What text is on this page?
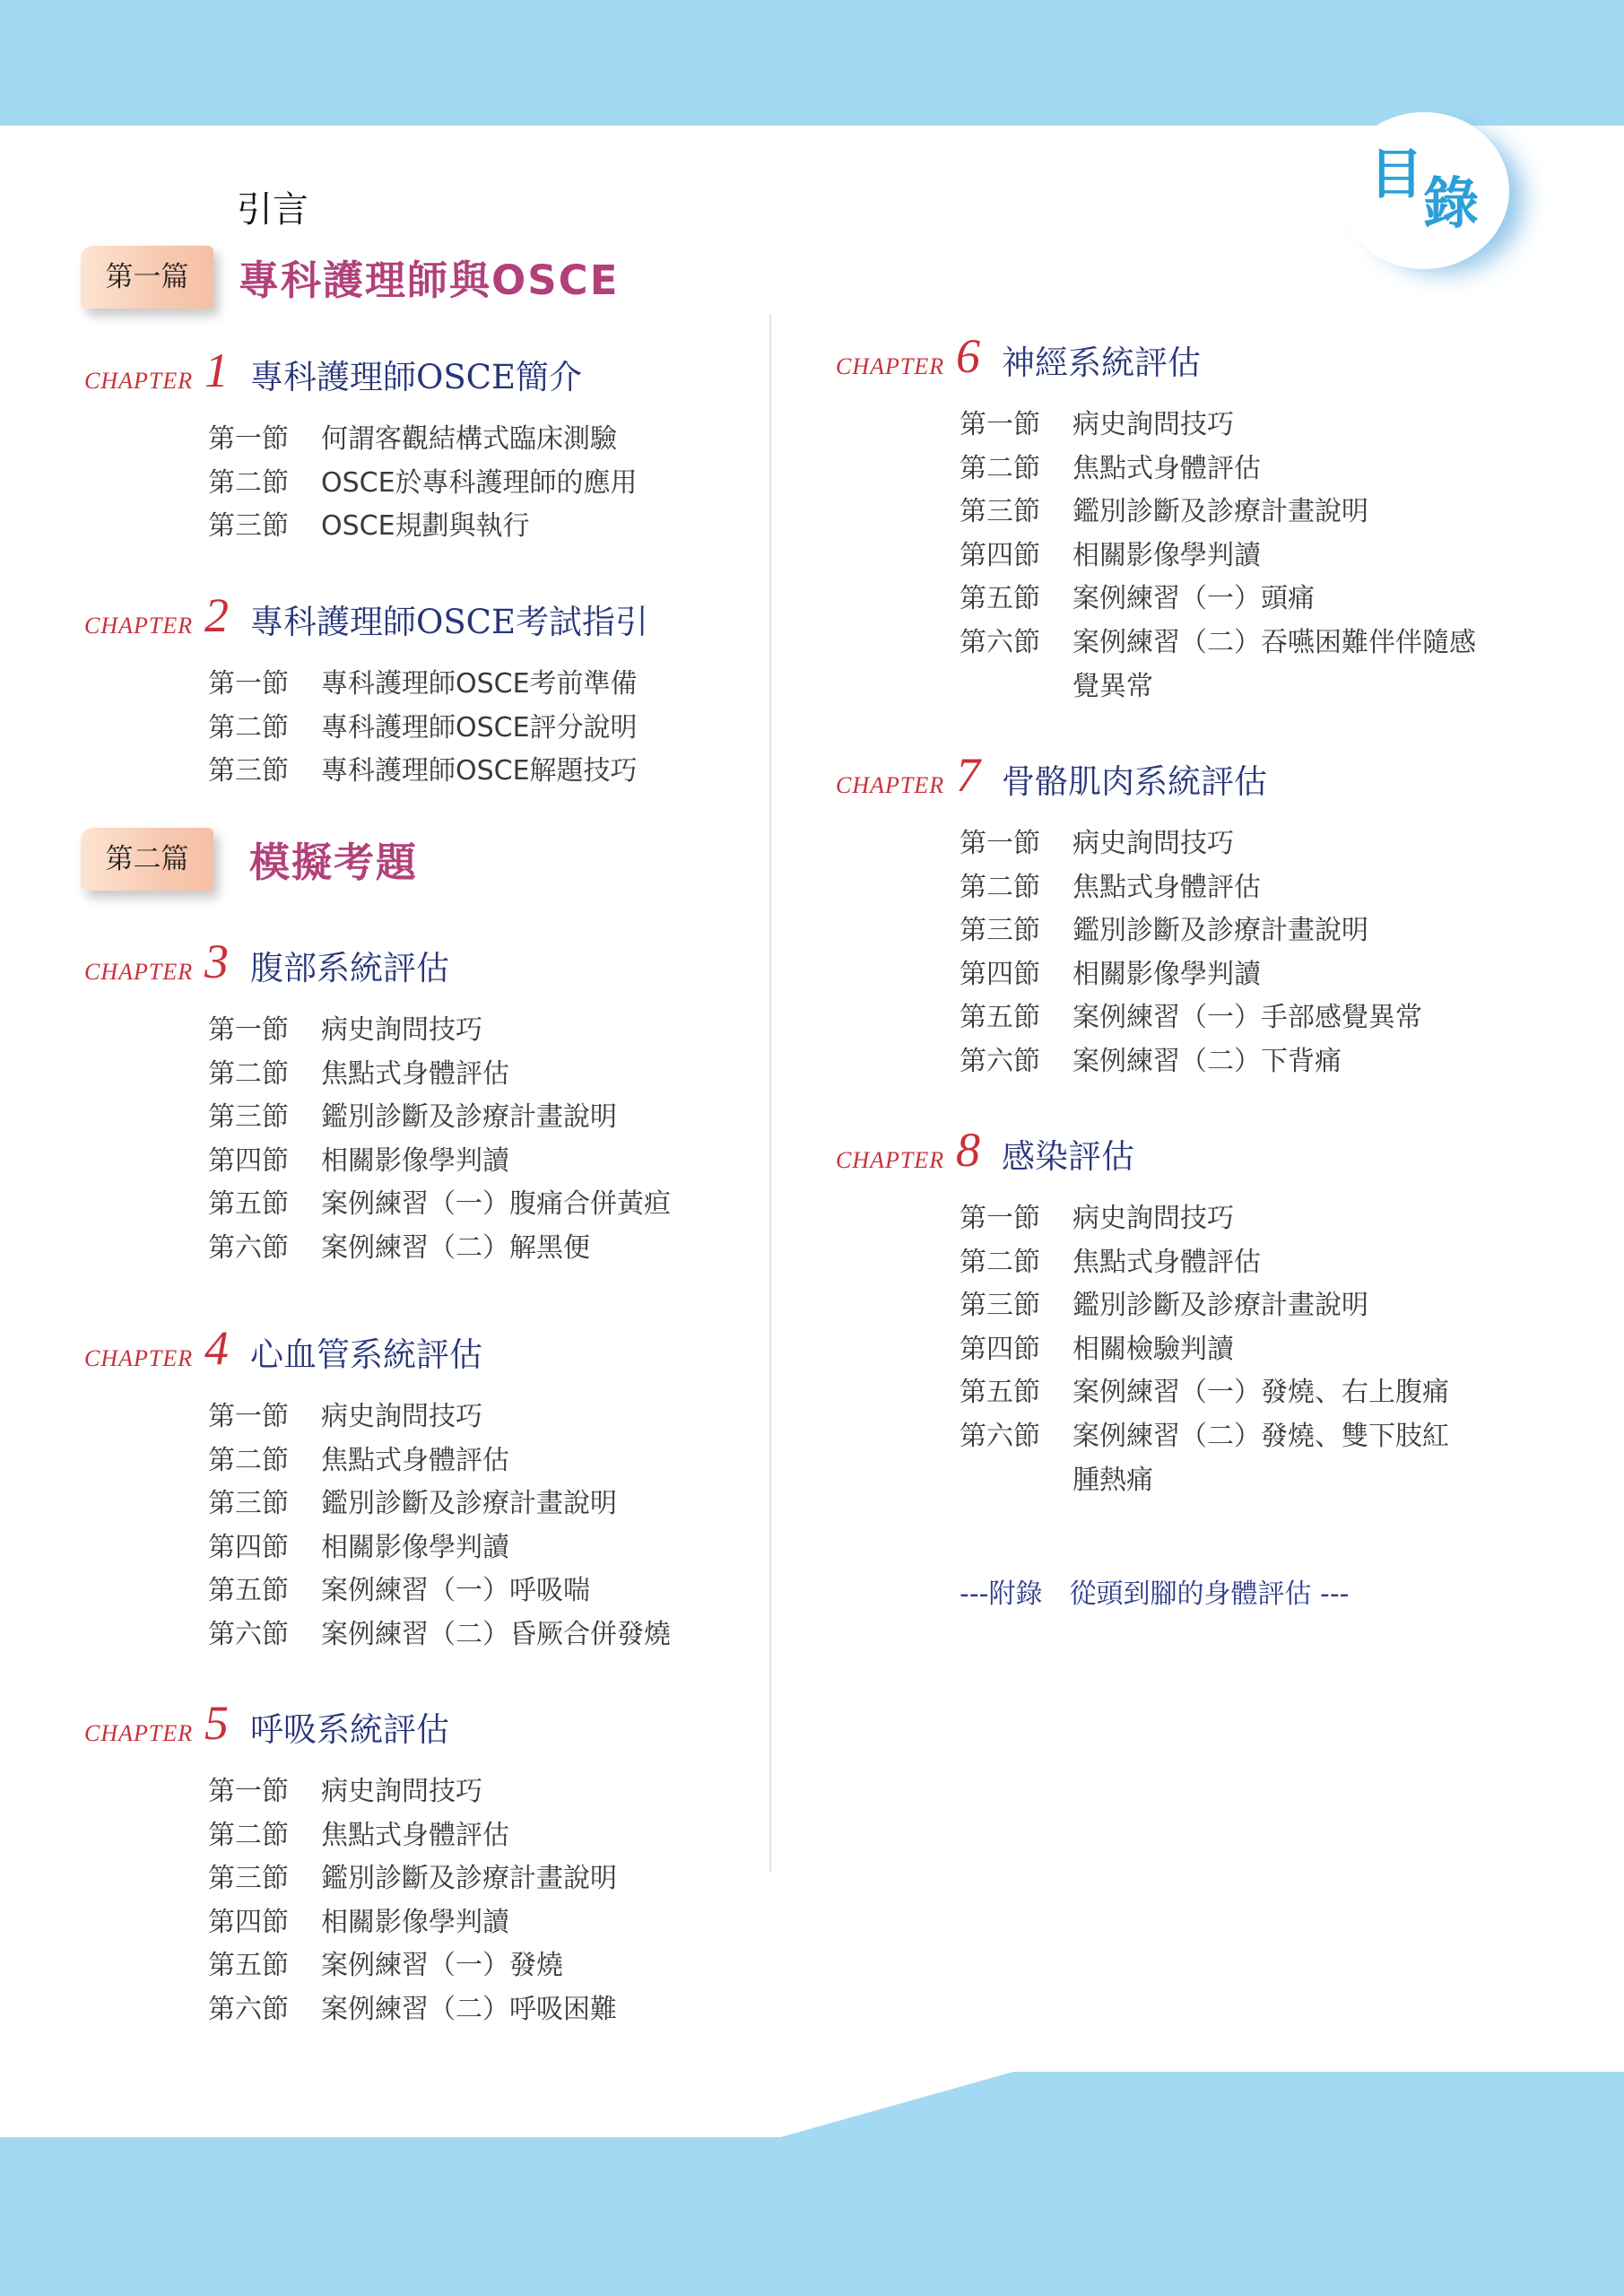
目 錄
引言
第一篇	專科護理師與OSCE
第二篇	模擬考題
CHAPTER 1 專科護理師OSCE簡介
第一節 何謂客觀結構式臨床測驗
第二節 OSCE於專科護理師的應用
第三節 OSCE規劃與執行
CHAPTER 2 專科護理師OSCE考試指引
第一節 專科護理師OSCE考前準備
第二節 專科護理師OSCE評分說明
第三節 專科護理師OSCE解題技巧
CHAPTER 3 腹部系統評估
第一節 病史詢問技巧
第二節 焦點式身體評估
第三節 鑑別診斷及診療計畫說明
第四節 相關影像學判讀
第五節 案例練習（一）腹痛合併黃疸
第六節 案例練習（二）解黑便
CHAPTER 4 心血管系統評估
第一節 病史詢問技巧
第二節 焦點式身體評估
第三節 鑑別診斷及診療計畫說明
第四節 相關影像學判讀
第五節 案例練習（一）呼吸喘
第六節 案例練習（二）昏厥合併發燒
CHAPTER 5 呼吸系統評估
第一節 病史詢問技巧
第二節 焦點式身體評估
第三節 鑑別診斷及診療計畫說明
第四節 相關影像學判讀
第五節 案例練習（一）發燒
第六節 案例練習（二）呼吸困難
CHAPTER 6 神經系統評估
第一節 病史詢問技巧
第二節 焦點式身體評估
第三節 鑑別診斷及診療計畫說明
第四節 相關影像學判讀
第五節 案例練習（一）頭痛
第六節 案例練習（二）吞嚥困難伴伴隨感
覺異常
CHAPTER 7 骨骼肌肉系統評估
第一節 病史詢問技巧
第二節 焦點式身體評估
第三節 鑑別診斷及診療計畫說明
第四節 相關影像學判讀
第五節 案例練習（一）手部感覺異常
第六節 案例練習（二）下背痛
CHAPTER 8 感染評估
第一節 病史詢問技巧
第二節 焦點式身體評估
第三節 鑑別診斷及診療計畫說明
第四節 相關檢驗判讀
第五節 案例練習（一）發燒、右上腹痛
第六節 案例練習（二）發燒、雙下肢紅
腫熱痛
---附錄　從頭到腳的身體評估 ---
